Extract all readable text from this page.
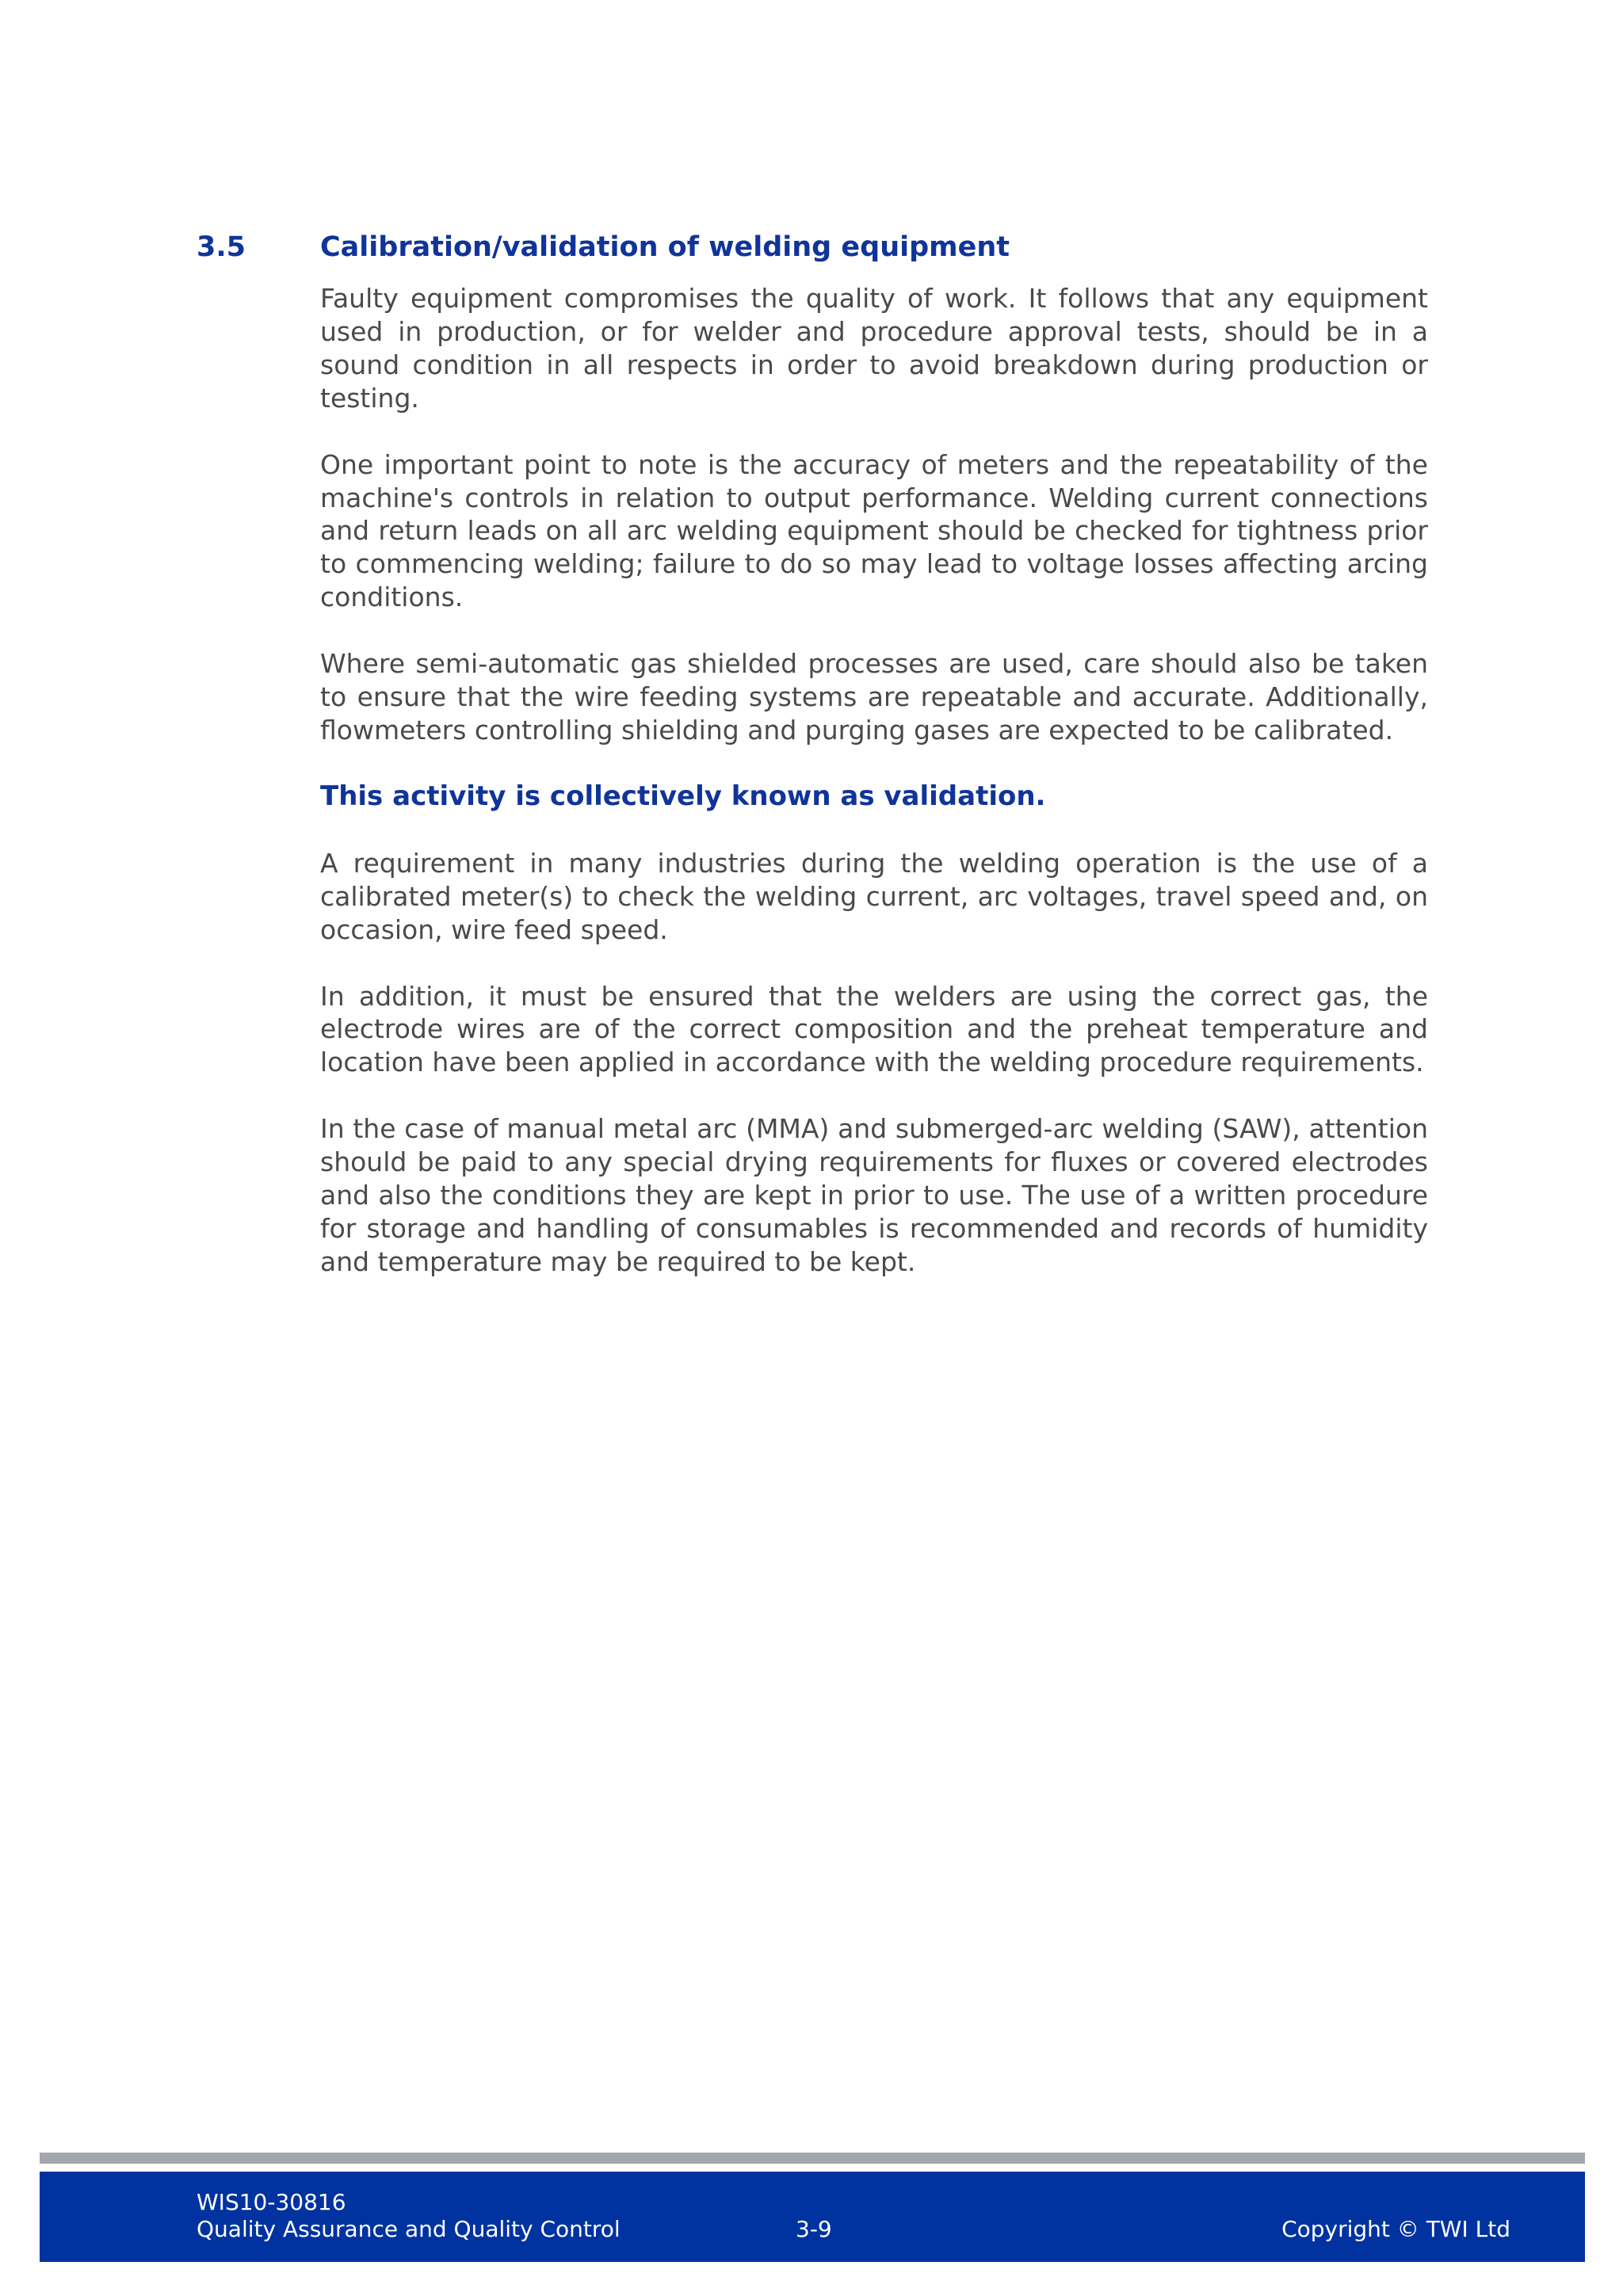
3.5	Calibration/validation of welding equipment

Faulty equipment compromises the quality of work. It follows that any equipment used in production, or for welder and procedure approval tests, should be in a sound condition in all respects in order to avoid breakdown during production or testing.

One important point to note is the accuracy of meters and the repeatability of the machine's controls in relation to output performance. Welding current connections and return leads on all arc welding equipment should be checked for tightness prior to commencing welding; failure to do so may lead to voltage losses affecting arcing conditions.

Where semi-automatic gas shielded processes are used, care should also be taken to ensure that the wire feeding systems are repeatable and accurate. Additionally, flowmeters controlling shielding and purging gases are expected to be calibrated.

This activity is collectively known as validation.

A requirement in many industries during the welding operation is the use of a calibrated meter(s) to check the welding current, arc voltages, travel speed and, on occasion, wire feed speed.

In addition, it must be ensured that the welders are using the correct gas, the electrode wires are of the correct composition and the preheat temperature and location have been applied in accordance with the welding procedure requirements.

In the case of manual metal arc (MMA) and submerged-arc welding (SAW), attention should be paid to any special drying requirements for fluxes or covered electrodes and also the conditions they are kept in prior to use. The use of a written procedure for storage and handling of consumables is recommended and records of humidity and temperature may be required to be kept.

WIS10-30816
Quality Assurance and Quality Control	3-9	Copyright © TWI Ltd
